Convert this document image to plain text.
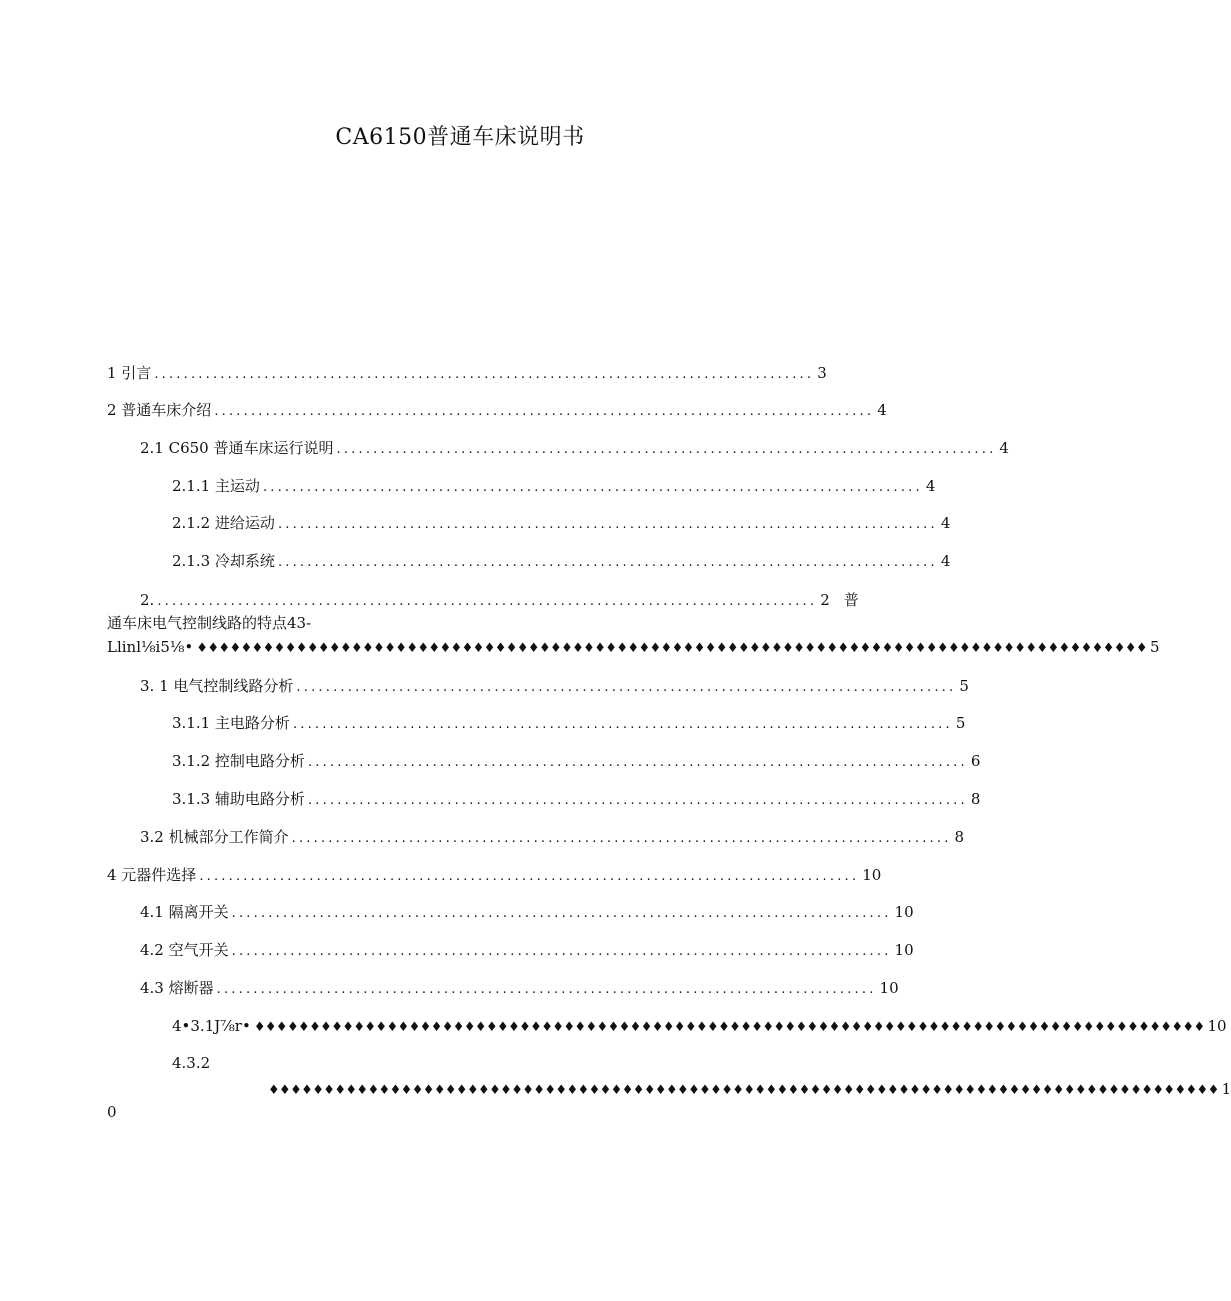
CA6150普通车床说明书
1 引言 .......................................................................................... 3
2 普通车床介绍 .......................................................................................... 4
2.1 C650 普通车床运行说明 .......................................................................................... 4
2.1.1 主运动 .......................................................................................... 4
2.1.2 进给运动 .......................................................................................... 4
2.1.3 冷却系统 .......................................................................................... 4
2. .......................................................................................... 2 普
通车床电气控制线路的特点43-
Llinl⅛i5⅛• ♦♦♦♦♦♦♦♦♦♦♦♦♦♦♦♦♦♦♦♦♦♦♦♦♦♦♦♦♦♦♦♦♦♦♦♦♦♦♦♦♦♦♦♦♦♦♦♦♦♦♦♦♦♦♦♦♦♦♦♦♦♦♦♦♦♦♦♦♦♦♦♦♦♦♦♦♦♦♦♦♦♦♦♦♦♦ 5
3. 1 电气控制线路分析 .......................................................................................... 5
3.1.1 主电路分析 .......................................................................................... 5
3.1.2 控制电路分析 .......................................................................................... 6
3.1.3 辅助电路分析 .......................................................................................... 8
3.2 机械部分工作简介 .......................................................................................... 8
4 元器件选择 .......................................................................................... 10
4.1 隔离开关 .......................................................................................... 10
4.2 空气开关 .......................................................................................... 10
4.3 熔断器 .......................................................................................... 10
4•3.1J⅞r• ♦♦♦♦♦♦♦♦♦♦♦♦♦♦♦♦♦♦♦♦♦♦♦♦♦♦♦♦♦♦♦♦♦♦♦♦♦♦♦♦♦♦♦♦♦♦♦♦♦♦♦♦♦♦♦♦♦♦♦♦♦♦♦♦♦♦♦♦♦♦♦♦♦♦♦♦♦♦♦♦♦♦♦♦♦♦ 10
4.3.2
♦♦♦♦♦♦♦♦♦♦♦♦♦♦♦♦♦♦♦♦♦♦♦♦♦♦♦♦♦♦♦♦♦♦♦♦♦♦♦♦♦♦♦♦♦♦♦♦♦♦♦♦♦♦♦♦♦♦♦♦♦♦♦♦♦♦♦♦♦♦♦♦♦♦♦♦♦♦♦♦♦♦♦♦♦♦ 1
0
